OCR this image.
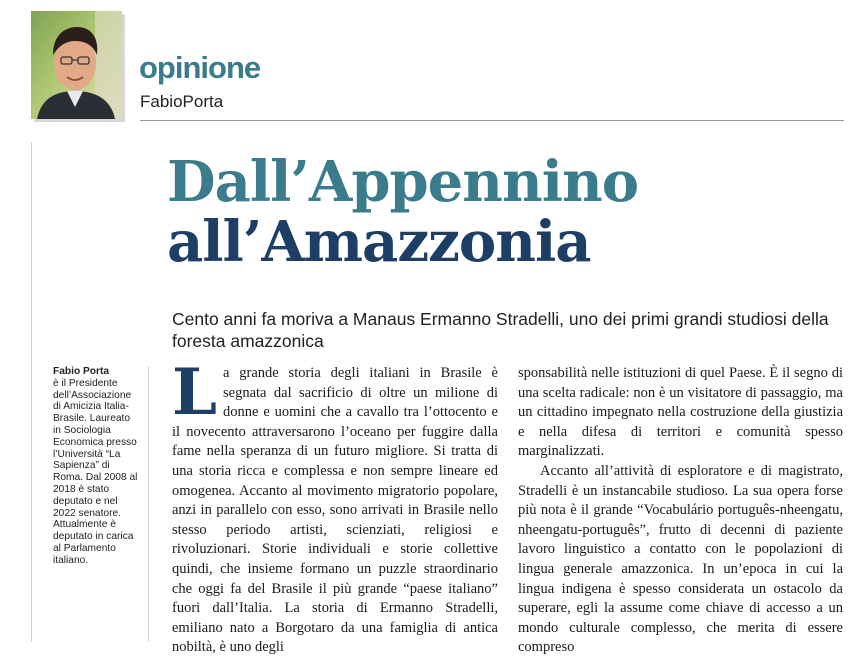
opinione
FabioPorta
Dall’Appennino
all’Amazzonia
Cento anni fa moriva a Manaus Ermanno Stradelli, uno dei primi grandi studiosi della foresta amazzonica
Fabio Porta
è il Presidente dell’Associazione di Amicizia Italia-Brasile. Laureato in Sociologia Economica presso l’Università “La Sapienza” di Roma. Dal 2008 al 2018 è stato deputato e nel 2022 senatore. Attualmente è deputato in carica al Parlamento italiano.
L a grande storia degli italiani in Brasile è segnata dal sacrificio di oltre un milione di donne e uomini che a cavallo tra l’ottocento e il novecento attraversarono l’oceano per fuggire dalla fame nella speranza di un futuro migliore. Si tratta di una storia ricca e complessa e non sempre lineare ed omogenea. Accanto al movimento migratorio popolare, anzi in parallelo con esso, sono arrivati in Brasile nello stesso periodo artisti, scienziati, religiosi e rivoluzionari. Storie individuali e storie collettive quindi, che insieme formano un puzzle straordinario che oggi fa del Brasile il più grande “paese italiano” fuori dall’Italia. La storia di Ermanno Stradelli, emiliano nato a Borgotaro da una famiglia di antica nobiltà, è uno degli

sponsabilità nelle istituzioni di quel Paese. È il segno di una scelta radicale: non è un visitatore di passaggio, ma un cittadino impegnato nella costruzione della giustizia e nella difesa di territori e comunità spesso marginalizzati.

Accanto all’attività di esploratore e di magistrato, Stradelli è un instancabile studioso. La sua opera forse più nota è il grande “Vocabulário português-nheengatu, nheengatu-português”, frutto di decenni di paziente lavoro linguistico a contatto con le popolazioni di lingua generale amazzonica. In un’epoca in cui la lingua indigena è spesso considerata un ostacolo da superare, egli la assume come chiave di accesso a un mondo culturale complesso, che merita di essere compreso
